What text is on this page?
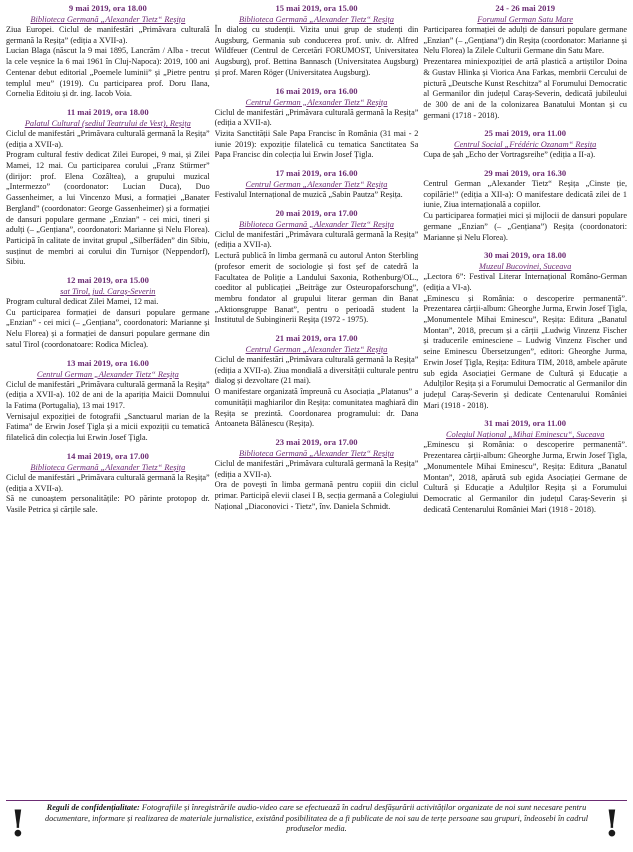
9 mai 2019, ora 18.00
Biblioteca Germană „Alexander Tietz“ Reșița

Ziua Europei. Ciclul de manifestări „Primăvara culturală germană la Reșița” (ediția a XVII-a).

Lucian Blaga (născut la 9 mai 1895, Lancrăm / Alba - trecut la cele veșnice la 6 mai 1961 în Cluj-Napoca): 2019, 100 ani Centenar debut editorial „Poemele luminii” și „Pietre pentru templul meu” (1919). Cu participarea prof. Doru Ilana, Cornelia Editoiu și dr. ing. Iacob Voia.

11 mai 2019, ora 18.00
Palatul Cultural (sediul Teatrului de Vest), Reșița

Ciclul de manifestări „Primăvara culturală germană la Reșița” (ediția a XVII-a).

Program cultural festiv dedicat Zilei Europei, 9 mai, și Zilei Mamei, 12 mai. Cu participarea corului „Franz Stürmer” (dirijor: prof. Elena Cozâltea), a grupului muzical „Intermezzo” (coordonator: Lucian Duca), Duo Gassenheimer, a lui Vincenzo Musi, a formației „Banater Bergland” (coordonator: George Gassenheimer) și a formației de dansuri populare germane „Enzian” - cei mici, tineri și adulți (– „Gențiana”, coordonatori: Marianne și Nelu Florea). Participă în calitate de invitat grupul „Silberfäden” din Sibiu, susținut de membri ai corului din Turnișor (Neppendorf), Sibiu.

12 mai 2019, ora 15.00
sat Tirol, jud. Caraș-Severin

Program cultural dedicat Zilei Mamei, 12 mai.

Cu participarea formației de dansuri populare germane „Enzian” - cei mici (– „Gențiana”, coordonatori: Marianne și Nelu Florea) și a formației de dansuri populare germane din satul Tirol (coordonatoare: Rodica Miclea).

13 mai 2019, ora 16.00
Centrul German „Alexander Tietz“ Reșița

Ciclul de manifestări „Primăvara culturală germană la Reșița” (ediția a XVII-a). 102 de ani de la apariția Maicii Domnului la Fatima (Portugalia), 13 mai 1917.

Vernisajul expoziției de fotografii „Sanctuarul marian de la Fatima” de Erwin Josef Țigla și a micii expoziții cu tematică filatelică din colecția lui Erwin Josef Țigla.

14 mai 2019, ora 17.00
Biblioteca Germană „Alexander Tietz“ Reșița

Ciclul de manifestări „Primăvara culturală germană la Reșița” (ediția a XVII-a).

Să ne cunoaștem personalitățile: PO părinte protopop dr. Vasile Petrica și cărțile sale.

15 mai 2019, ora 15.00
Biblioteca Germană „Alexander Tietz“ Reșița

În dialog cu studenții. Vizita unui grup de studenți din Augsburg, Germania sub conducerea prof. univ. dr. Alfred Wildfeuer (Centrul de Cercetări FORUMOST, Universitatea Augsburg), prof. Bettina Bannasch (Universitatea Augsburg) și prof. Maren Röger (Universitatea Augsburg).

16 mai 2019, ora 16.00
Centrul German „Alexander Tietz“ Reșița

Ciclul de manifestări „Primăvara culturală germană la Reșița” (ediția a XVII-a).

Vizita Sanctității Sale Papa Francisc în România (31 mai - 2 iunie 2019): expoziție filatelică cu tematica Sanctitatea Sa Papa Francisc din colecția lui Erwin Josef Țigla.

17 mai 2019, ora 16.00
Centrul German „Alexander Tietz“ Reșița

Festivalul Internațional de muzică „Sabin Pautza” Reșița.

20 mai 2019, ora 17.00
Biblioteca Germană „Alexander Tietz“ Reșița

Ciclul de manifestări „Primăvara culturală germană la Reșița” (ediția a XVII-a).

Lectură publică în limba germană cu autorul Anton Sterbling (profesor emerit de sociologie și fost șef de catedră la Facultatea de Poliție a Landului Saxonia, Rothenburg/OL., coeditor al publicației „Beiträge zur Osteuropaforschung”, membru fondator al grupului literar german din Banat „Aktionsgruppe Banat”, pentru o perioadă student la Institutul de Subinginerii Reșița (1972 - 1975).

21 mai 2019, ora 17.00
Centrul German „Alexander Tietz“ Reșița

Ciclul de manifestări „Primăvara culturală germană la Reșița” (ediția a XVII-a). Ziua mondială a diversității culturale pentru dialog și dezvoltare (21 mai).

O manifestare organizată împreună cu Asociația „Platanus” a comunității maghiarilor din Reșița: comunitatea maghiară din Reșița se prezintă. Coordonarea programului: dr. Dana Antoaneta Bălănescu (Reșița).

23 mai 2019, ora 17.00
Biblioteca Germană „Alexander Tietz“ Reșița

Ciclul de manifestări „Primăvara culturală germană la Reșița” (ediția a XVII-a).

Ora de povești în limba germană pentru copiii din ciclul primar. Participă elevii clasei I B, secția germană a Colegiului Național „Diaconovici - Tietz”, înv. Daniela Schmidt.

24 - 26 mai 2019
Forumul German Satu Mare

Participarea formației de adulți de dansuri populare germane „Enzian” (– „Gențiana”) din Reșița (coordonator: Marianne și Nelu Florea) la Zilele Culturii Germane din Satu Mare.

Prezentarea miniexpoziției de artă plastică a artiștilor Doina & Gustav Hlinka și Viorica Ana Farkas, membrii Cercului de pictură „Deutsche Kunst Reschitza” al Forumului Democratic al Germanilor din județul Caraș-Severin, dedicată jubileului de 300 de ani de la colonizarea Banatului Montan și cu germani (1718 - 2018).

25 mai 2019, ora 11.00
Centrul Social „Frédéric Ozanam“ Reșița

Cupa de șah „Echo der Vortragsreihe” (ediția a II-a).

29 mai 2019, ora 16.30

Centrul German „Alexander Tietz“ Reșița „Cinste ție, copilărie!” (ediția a XII-a): O manifestare dedicată zilei de 1 iunie, Ziua internațională a copiilor.

Cu participarea formației mici și mijlocii de dansuri populare germane „Enzian” (– „Gențiana”) Reșița (coordonatori: Marianne și Nelu Florea).

30 mai 2019, ora 18.00
Muzeul Bucovinei, Suceava

„Lectora 6”: Festival Literar Internațional Româno-German (ediția a VI-a).

„Eminescu și România: o descoperire permanentă”. Prezentarea cărții-album: Gheorghe Jurma, Erwin Josef Țigla, „Monumentele Mihai Eminescu”, Reșița: Editura „Banatul Montan”, 2018, precum și a cărții „Ludwig Vinzenz Fischer și traducerile eminesciene – Ludwig Vinzenz Fischer und seine Eminescu Übersetzungen”, editori: Gheorghe Jurma, Erwin Josef Țigla, Reșița: Editura TIM, 2018, ambele apărute sub egida Asociației Germane de Cultură și Educație a Adulților Reșița și a Forumului Democratic al Germanilor din județul Caraș-Severin și dedicate Centenarului României Mari (1918 - 2018).

31 mai 2019, ora 11.00
Colegiul Național „Mihai Eminescu“, Suceava

„Eminescu și România: o descoperire permanentă”. Prezentarea cărții-album: Gheorghe Jurma, Erwin Josef Țigla, „Monumentele Mihai Eminescu”, Reșița: Editura „Banatul Montan”, 2018, apărută sub egida Asociației Germane de Cultură și Educație a Adulților Reșița și a Forumului Democratic al Germanilor din județul Caraș-Severin și dedicată Centenarului României Mari (1918 - 2018).

!	Reguli de confidențialitate: Fotografiile și înregistrările audio-video care se efectuează în cadrul desfășurării activităților organizate de noi sunt necesare pentru documentare, informare și realizarea de materiale jurnalistice, existând posibilitatea de a fi publicate de noi sau de terțe persoane sau grupuri, îndeosebi în cadrul produselor media.	!
